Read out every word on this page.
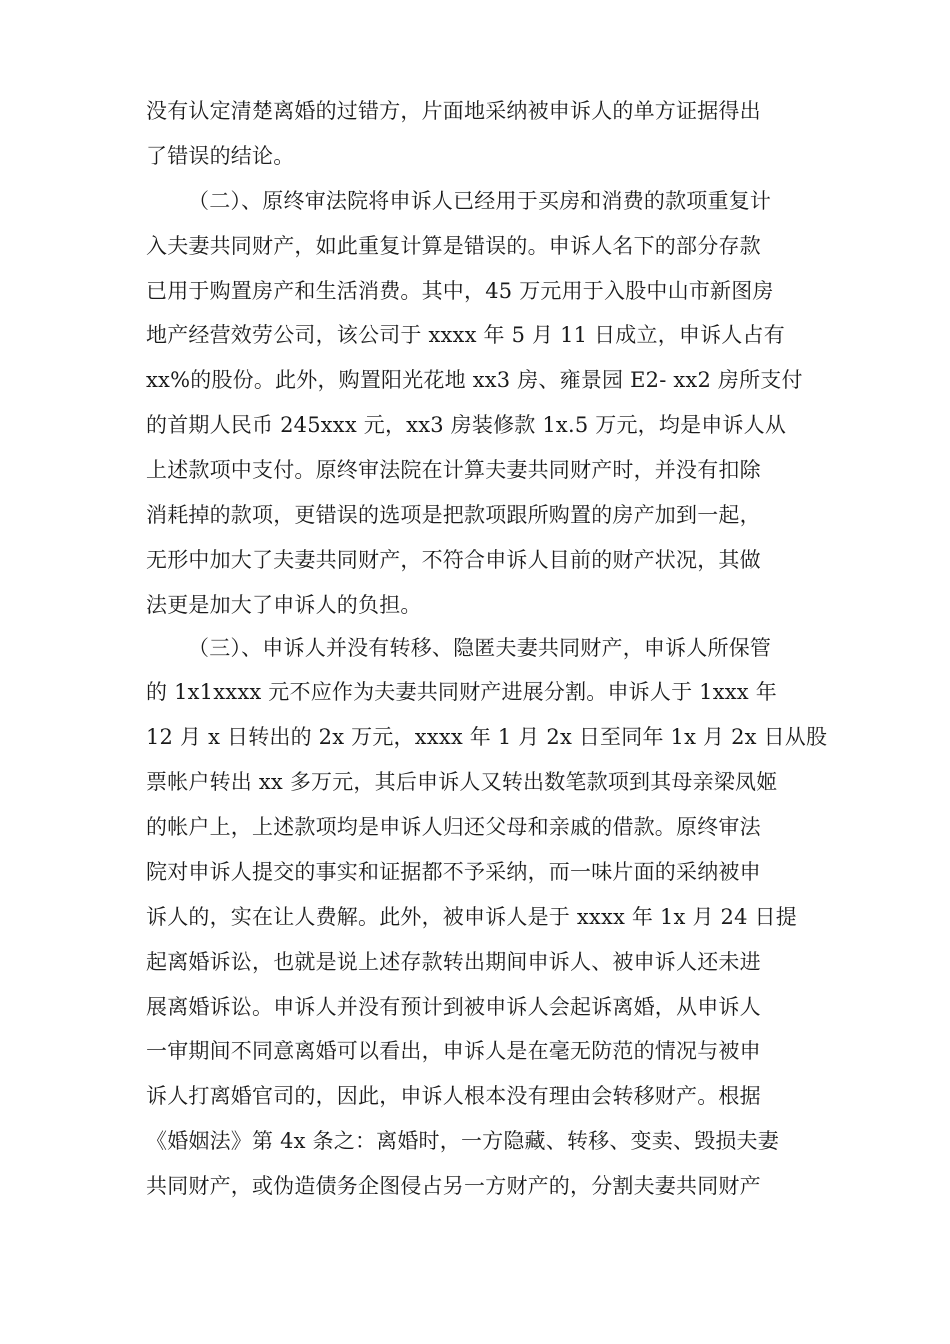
没有认定清楚离婚的过错方，片面地采纳被申诉人的单方证据得出
了错误的结论。
（二）、原终审法院将申诉人已经用于买房和消费的款项重复计
入夫妻共同财产，如此重复计算是错误的。申诉人名下的部分存款
已用于购置房产和生活消费。其中，45 万元用于入股中山市新图房
地产经营效劳公司，该公司于 xxxx 年 5 月 11 日成立，申诉人占有
xx%的股份。此外，购置阳光花地 xx3 房、雍景园 E2- xx2 房所支付
的首期人民币 245xxx 元，xx3 房装修款 1x.5 万元，均是申诉人从
上述款项中支付。原终审法院在计算夫妻共同财产时，并没有扣除
消耗掉的款项，更错误的选项是把款项跟所购置的房产加到一起，
无形中加大了夫妻共同财产，不符合申诉人目前的财产状况，其做
法更是加大了申诉人的负担。
（三）、申诉人并没有转移、隐匿夫妻共同财产，申诉人所保管
的 1x1xxxx 元不应作为夫妻共同财产进展分割。申诉人于 1xxx 年
12 月 x 日转出的 2x 万元，xxxx 年 1 月 2x 日至同年 1x 月 2x 日从股
票帐户转出 xx 多万元，其后申诉人又转出数笔款项到其母亲梁凤姬
的帐户上，上述款项均是申诉人归还父母和亲戚的借款。原终审法
院对申诉人提交的事实和证据都不予采纳，而一味片面的采纳被申
诉人的，实在让人费解。此外，被申诉人是于 xxxx 年 1x 月 24 日提
起离婚诉讼，也就是说上述存款转出期间申诉人、被申诉人还未进
展离婚诉讼。申诉人并没有预计到被申诉人会起诉离婚，从申诉人
一审期间不同意离婚可以看出，申诉人是在毫无防范的情况与被申
诉人打离婚官司的，因此，申诉人根本没有理由会转移财产。根据
《婚姻法》第 4x 条之：离婚时，一方隐藏、转移、变卖、毁损夫妻
共同财产，或伪造债务企图侵占另一方财产的，分割夫妻共同财产
